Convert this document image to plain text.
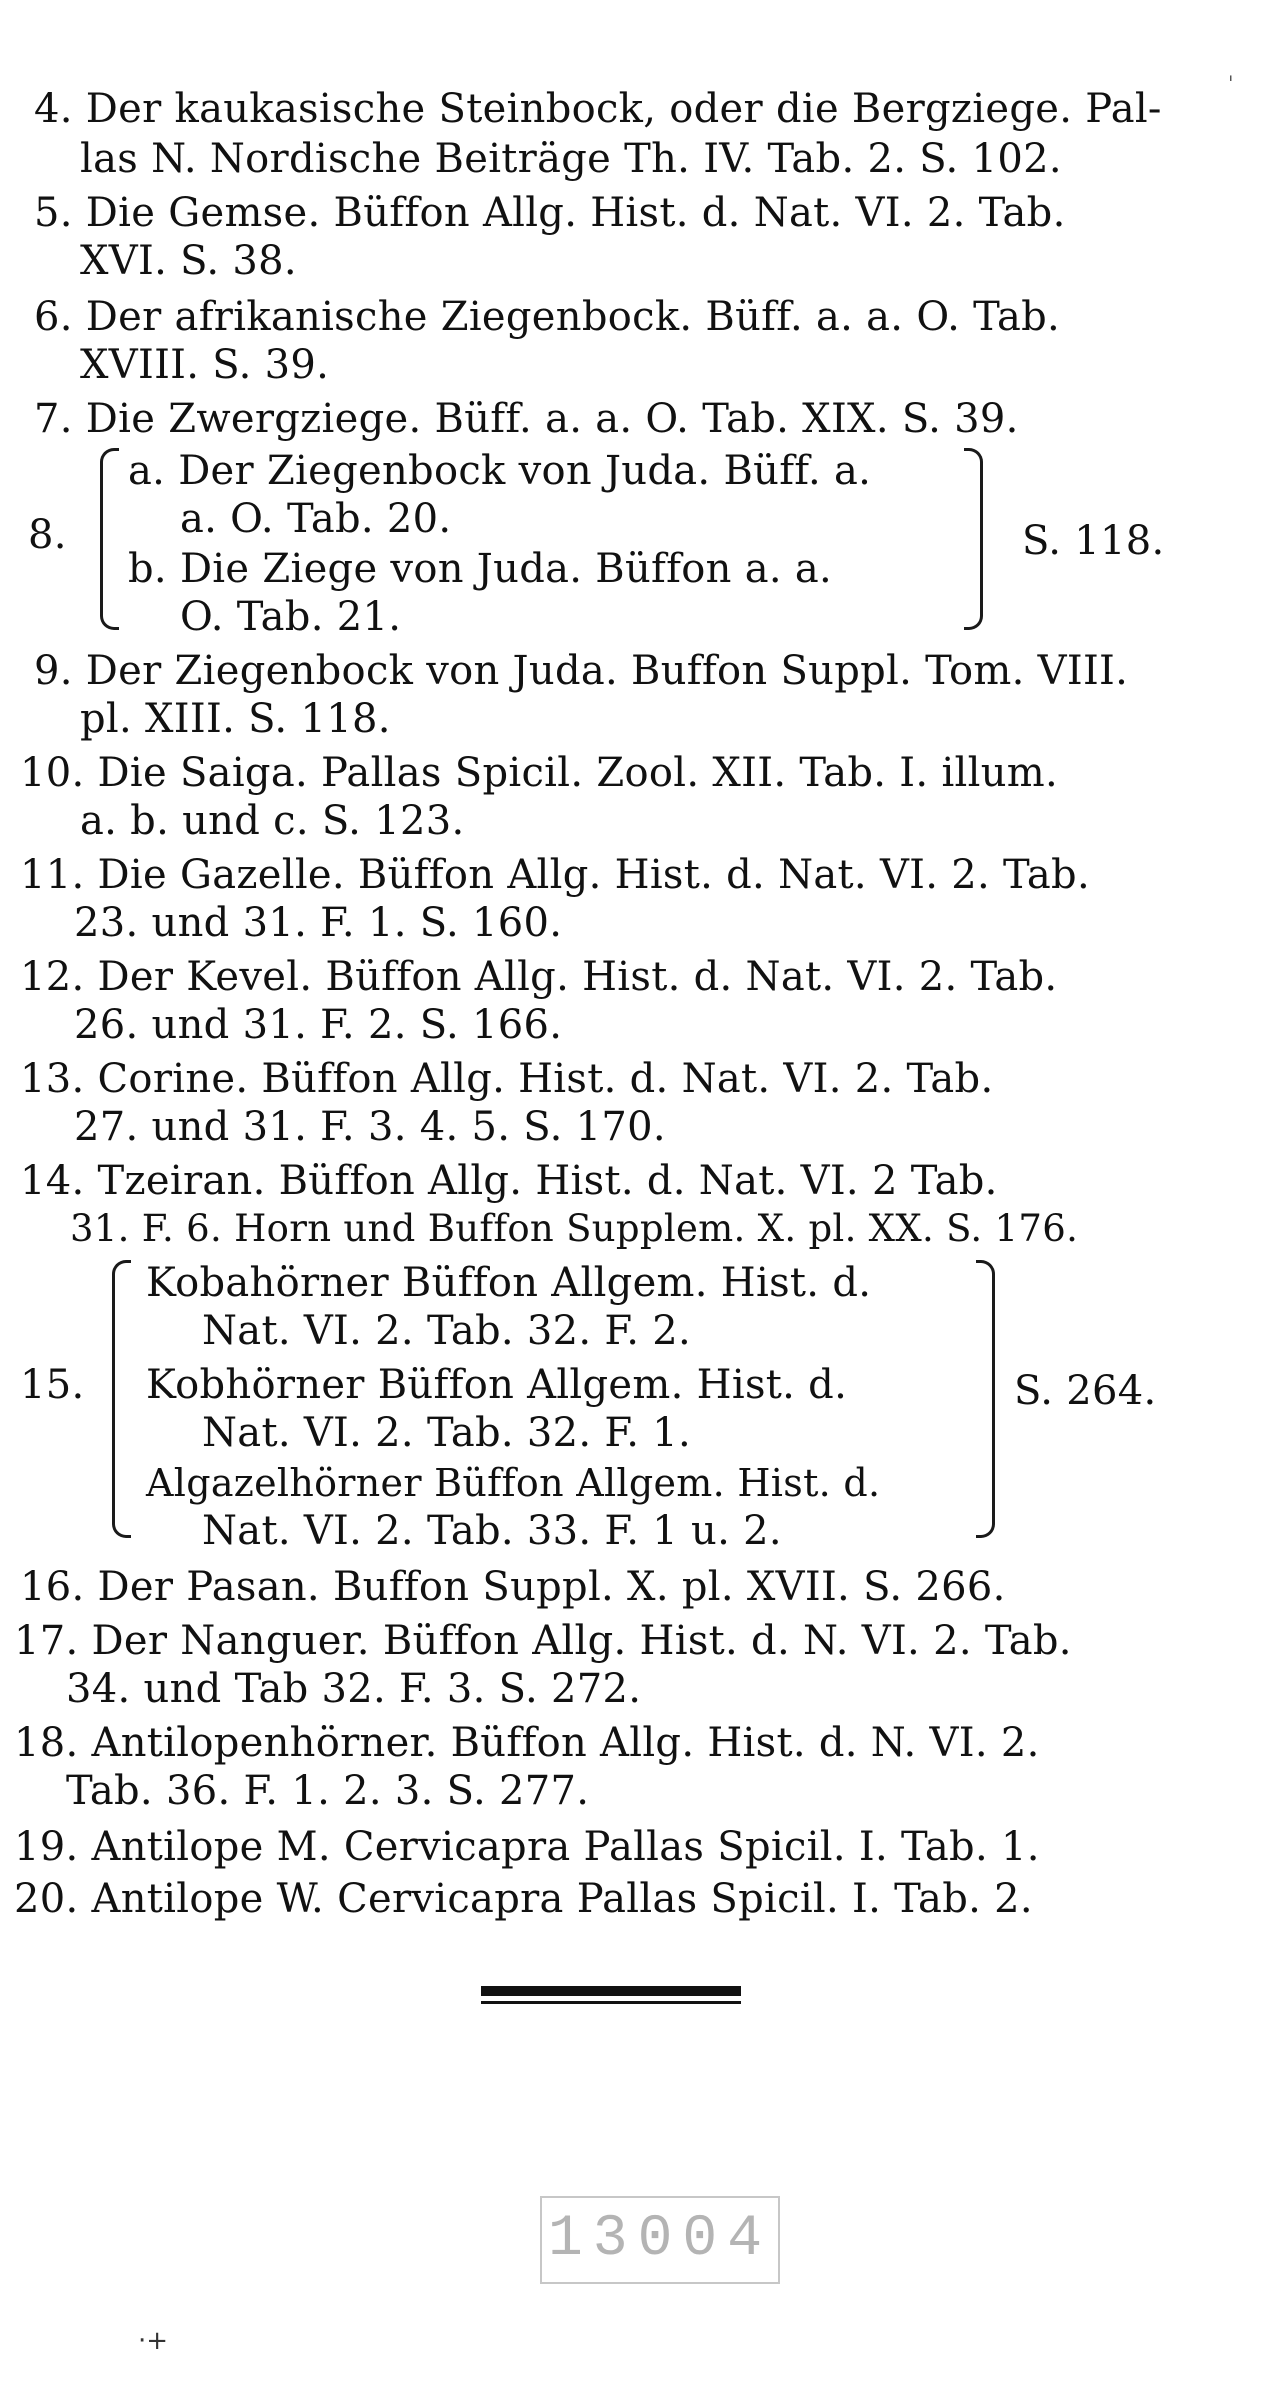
4. Der kaukasische Steinbock, oder die Bergziege. Pal-
las N. Nordische Beiträge Th. IV. Tab. 2. S. 102.
5. Die Gemse. Büffon Allg. Hist. d. Nat. VI. 2. Tab.
XVI. S. 38.
6. Der afrikanische Ziegenbock. Büff. a. a. O. Tab.
XVIII. S. 39.
7. Die Zwergziege. Büff. a. a. O. Tab. XIX. S. 39.
8.
a. Der Ziegenbock von Juda. Büff. a.
a. O. Tab. 20.
b. Die Ziege von Juda. Büffon a. a.
O. Tab. 21.
S. 118.
9. Der Ziegenbock von Juda. Buffon Suppl. Tom. VIII.
pl. XIII. S. 118.
10. Die Saiga. Pallas Spicil. Zool. XII. Tab. I. illum.
a. b. und c. S. 123.
11. Die Gazelle. Büffon Allg. Hist. d. Nat. VI. 2. Tab.
23. und 31. F. 1. S. 160.
12. Der Kevel. Büffon Allg. Hist. d. Nat. VI. 2. Tab.
26. und 31. F. 2. S. 166.
13. Corine. Büffon Allg. Hist. d. Nat. VI. 2. Tab.
27. und 31. F. 3. 4. 5. S. 170.
14. Tzeiran. Büffon Allg. Hist. d. Nat. VI. 2 Tab.
31. F. 6. Horn und Buffon Supplem. X. pl. XX. S. 176.
15.
Kobahörner Büffon Allgem. Hist. d.
Nat. VI. 2. Tab. 32. F. 2.
Kobhörner Büffon Allgem. Hist. d.
Nat. VI. 2. Tab. 32. F. 1.
Algazelhörner Büffon Allgem. Hist. d.
Nat. VI. 2. Tab. 33. F. 1 u. 2.
S. 264.
16. Der Pasan. Buffon Suppl. X. pl. XVII. S. 266.
17. Der Nanguer. Büffon Allg. Hist. d. N. VI. 2. Tab.
34. und Tab 32. F. 3. S. 272.
18. Antilopenhörner. Büffon Allg. Hist. d. N. VI. 2.
Tab. 36. F. 1. 2. 3. S. 277.
19. Antilope M. Cervicapra Pallas Spicil. I. Tab. 1.
20. Antilope W. Cervicapra Pallas Spicil. I. Tab. 2.
13004
·+
ˈ
